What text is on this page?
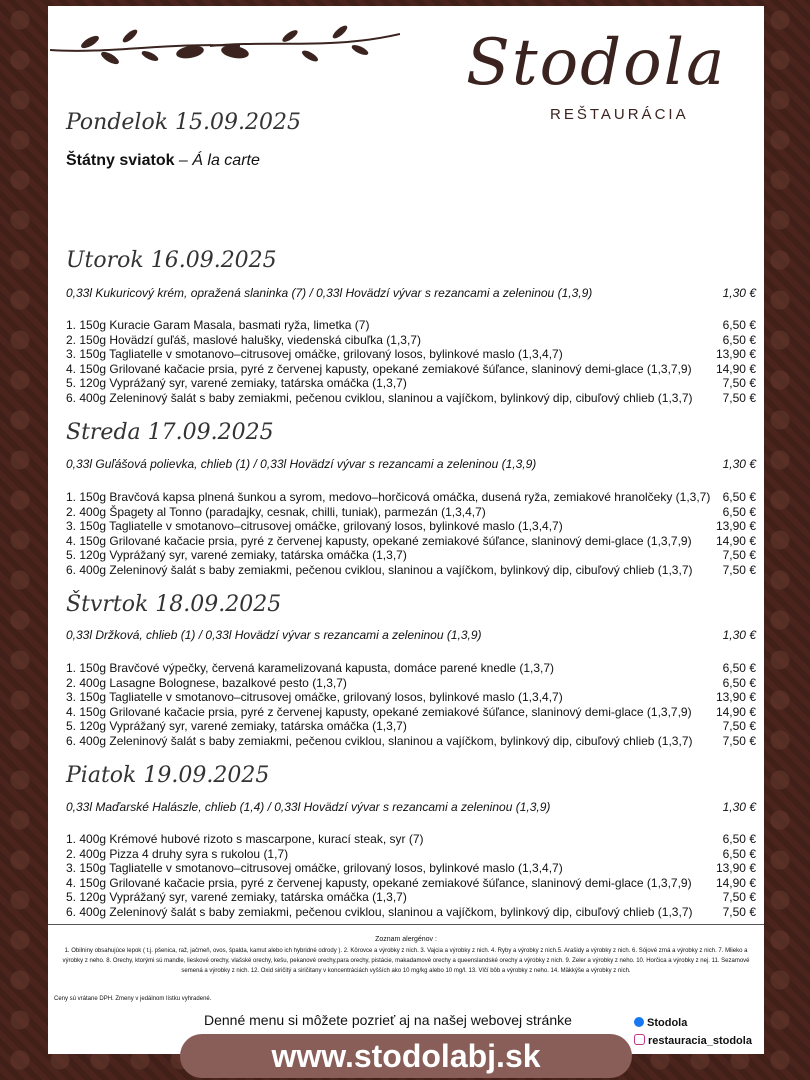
Stodola
REŠTAURÁCIA
Pondelok 15.09.2025
Štátny sviatok – Á la carte
Utorok 16.09.2025
0,33l Kukuricový krém, opražená slaninka (7) / 0,33l Hovädzí vývar s rezancami a zeleninou (1,3,9)	1,30 €
1. 150g Kuracie Garam Masala, basmati ryža, limetka (7)	6,50 €
2. 150g Hovädzí guľáš, maslové halušky, viedenská cibuľka (1,3,7)	6,50 €
3. 150g Tagliatelle v smotanovo–citrusovej omáčke, grilovaný losos, bylinkové maslo (1,3,4,7)	13,90 €
4. 150g Grilované kačacie prsia, pyré z červenej kapusty, opekané zemiakové šúľance, slaninový demi-glace (1,3,7,9) 14,90 €
5. 120g Vyprážaný syr, varené zemiaky, tatárska omáčka (1,3,7)	7,50 €
6. 400g Zeleninový šalát s baby zemiakmi, pečenou cviklou, slaninou a vajíčkom, bylinkový dip, cibuľový chlieb (1,3,7)	7,50 €
Streda 17.09.2025
0,33l Guľášová polievka, chlieb (1) / 0,33l Hovädzí vývar s rezancami a zeleninou (1,3,9)	1,30 €
1. 150g Bravčová kapsa plnená šunkou a syrom, medovo–horčicová omáčka, dusená ryža, zemiakové hranolčeky (1,3,7) 6,50 €
2. 400g Špagety al Tonno (paradajky, cesnak, chilli, tuniak), parmezán (1,3,4,7)	6,50 €
3. 150g Tagliatelle v smotanovo–citrusovej omáčke, grilovaný losos, bylinkové maslo (1,3,4,7)	13,90 €
4. 150g Grilované kačacie prsia, pyré z červenej kapusty, opekané zemiakové šúľance, slaninový demi-glace (1,3,7,9) 14,90 €
5. 120g Vyprážaný syr, varené zemiaky, tatárska omáčka (1,3,7)	7,50 €
6. 400g Zeleninový šalát s baby zemiakmi, pečenou cviklou, slaninou a vajíčkom, bylinkový dip, cibuľový chlieb (1,3,7)	7,50 €
Štvrtok 18.09.2025
0,33l Držková, chlieb (1) / 0,33l Hovädzí vývar s rezancami a zeleninou (1,3,9)	1,30 €
1. 150g Bravčové výpečky, červená karamelizovaná kapusta, domáce parené knedle (1,3,7)	6,50 €
2. 400g Lasagne Bolognese, bazalkové pesto (1,3,7)	6,50 €
3. 150g Tagliatelle v smotanovo–citrusovej omáčke, grilovaný losos, bylinkové maslo (1,3,4,7)	13,90 €
4. 150g Grilované kačacie prsia, pyré z červenej kapusty, opekané zemiakové šúľance, slaninový demi-glace (1,3,7,9) 14,90 €
5. 120g Vyprážaný syr, varené zemiaky, tatárska omáčka (1,3,7)	7,50 €
6. 400g Zeleninový šalát s baby zemiakmi, pečenou cviklou, slaninou a vajíčkom, bylinkový dip, cibuľový chlieb (1,3,7)	7,50 €
Piatok 19.09.2025
0,33l Maďarské Halászle, chlieb (1,4) / 0,33l Hovädzí vývar s rezancami a zeleninou (1,3,9)	1,30 €
1. 400g Krémové hubové rizoto s mascarpone, kurací steak, syr (7)	6,50 €
2. 400g Pizza 4 druhy syra s rukolou (1,7)	6,50 €
3. 150g Tagliatelle v smotanovo–citrusovej omáčke, grilovaný losos, bylinkové maslo (1,3,4,7)	13,90 €
4. 150g Grilované kačacie prsia, pyré z červenej kapusty, opekané zemiakové šúľance, slaninový demi-glace (1,3,7,9) 14,90 €
5. 120g Vyprážaný syr, varené zemiaky, tatárska omáčka (1,3,7)	7,50 €
6. 400g Zeleninový šalát s baby zemiakmi, pečenou cviklou, slaninou a vajíčkom, bylinkový dip, cibuľový chlieb (1,3,7)	7,50 €
Zoznam alergénov :
1. Obilniny obsahujúce lepok ( t.j. pšenica, raž, jačmeň, ovos, špalda, kamut alebo ich hybridné odrody ). 2. Kôrovce a výrobky z nich. 3. Vajcia a výrobky z nich. 4. Ryby a výrobky z nich.5. Arašidy a výrobky z nich. 6. Sójové zrná a výrobky z nich. 7. Mlieko a výrobky z neho. 8. Orechy, ktorými sú mandle, lieskové orechy, vlašské orechy, kešu, pekanové orechy,para orechy, pistácie, makadamové orechy a queenslandské orechy a výrobky z nich. 9. Zeler a výrobky z neho. 10. Horčica a výrobky z nej. 11. Sezamové semená a výrobky z nich. 12. Oxid siričitý a siričitany v koncentráciách vyšších ako 10 mg/kg alebo 10 mg/l. 13. Vlčí bôb a výrobky z neho. 14. Mäkkýše a výrobky z nich.
Ceny sú vrátane DPH. Zmeny v jedálnom lístku vyhradené.
Denné menu si môžete pozrieť aj na našej webovej stránke	Stodola
restauracia_stodola
www.stodolabj.sk
